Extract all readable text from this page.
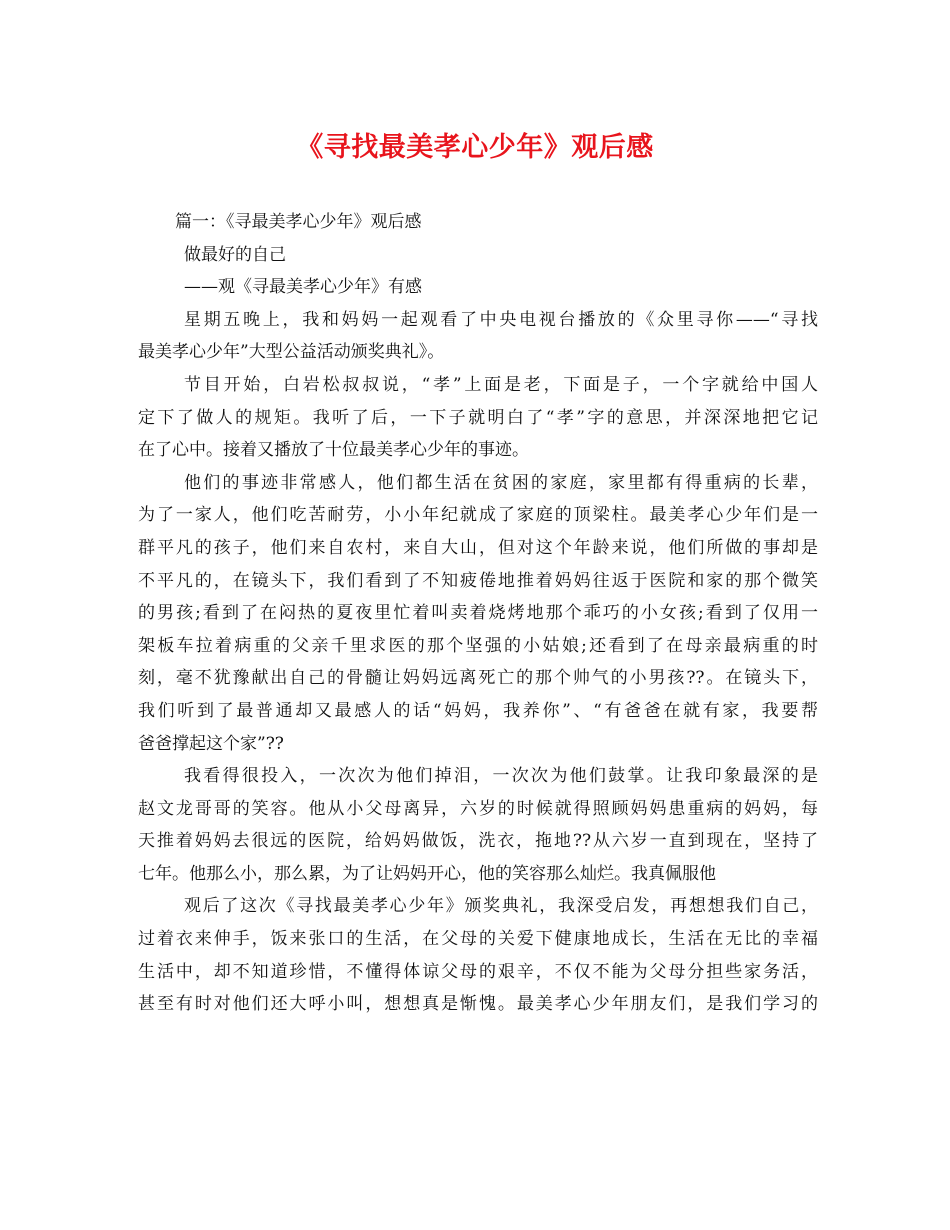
《寻找最美孝心少年》观后感

篇一：《寻最美孝心少年》观后感

做最好的自己

——观《寻最美孝心少年》有感

星期五晚上，我和妈妈一起观看了中央电视台播放的《众里寻你——“寻找

最美孝心少年”大型公益活动颁奖典礼》。

节目开始，白岩松叔叔说，“孝”上面是老，下面是子，一个字就给中国人

定下了做人的规矩。我听了后，一下子就明白了“孝”字的意思，并深深地把它记

在了心中。接着又播放了十位最美孝心少年的事迹。

他们的事迹非常感人，他们都生活在贫困的家庭，家里都有得重病的长辈，

为了一家人，他们吃苦耐劳，小小年纪就成了家庭的顶梁柱。最美孝心少年们是一

群平凡的孩子，他们来自农村，来自大山，但对这个年龄来说，他们所做的事却是

不平凡的，在镜头下，我们看到了不知疲倦地推着妈妈往返于医院和家的那个微笑

的男孩;看到了在闷热的夏夜里忙着叫卖着烧烤地那个乖巧的小女孩;看到了仅用一

架板车拉着病重的父亲千里求医的那个坚强的小姑娘;还看到了在母亲最病重的时

刻，毫不犹豫献出自己的骨髓让妈妈远离死亡的那个帅气的小男孩??。在镜头下，

我们听到了最普通却又最感人的话“妈妈，我养你”、“有爸爸在就有家，我要帮

爸爸撑起这个家”??

我看得很投入，一次次为他们掉泪，一次次为他们鼓掌。让我印象最深的是

赵文龙哥哥的笑容。他从小父母离异，六岁的时候就得照顾妈妈患重病的妈妈，每

天推着妈妈去很远的医院，给妈妈做饭，洗衣，拖地??从六岁一直到现在，坚持了

七年。他那么小，那么累，为了让妈妈开心，他的笑容那么灿烂。我真佩服他

观后了这次《寻找最美孝心少年》颁奖典礼，我深受启发，再想想我们自己，

过着衣来伸手，饭来张口的生活，在父母的关爱下健康地成长，生活在无比的幸福

生活中，却不知道珍惜，不懂得体谅父母的艰辛，不仅不能为父母分担些家务活，

甚至有时对他们还大呼小叫，想想真是惭愧。最美孝心少年朋友们，是我们学习的
